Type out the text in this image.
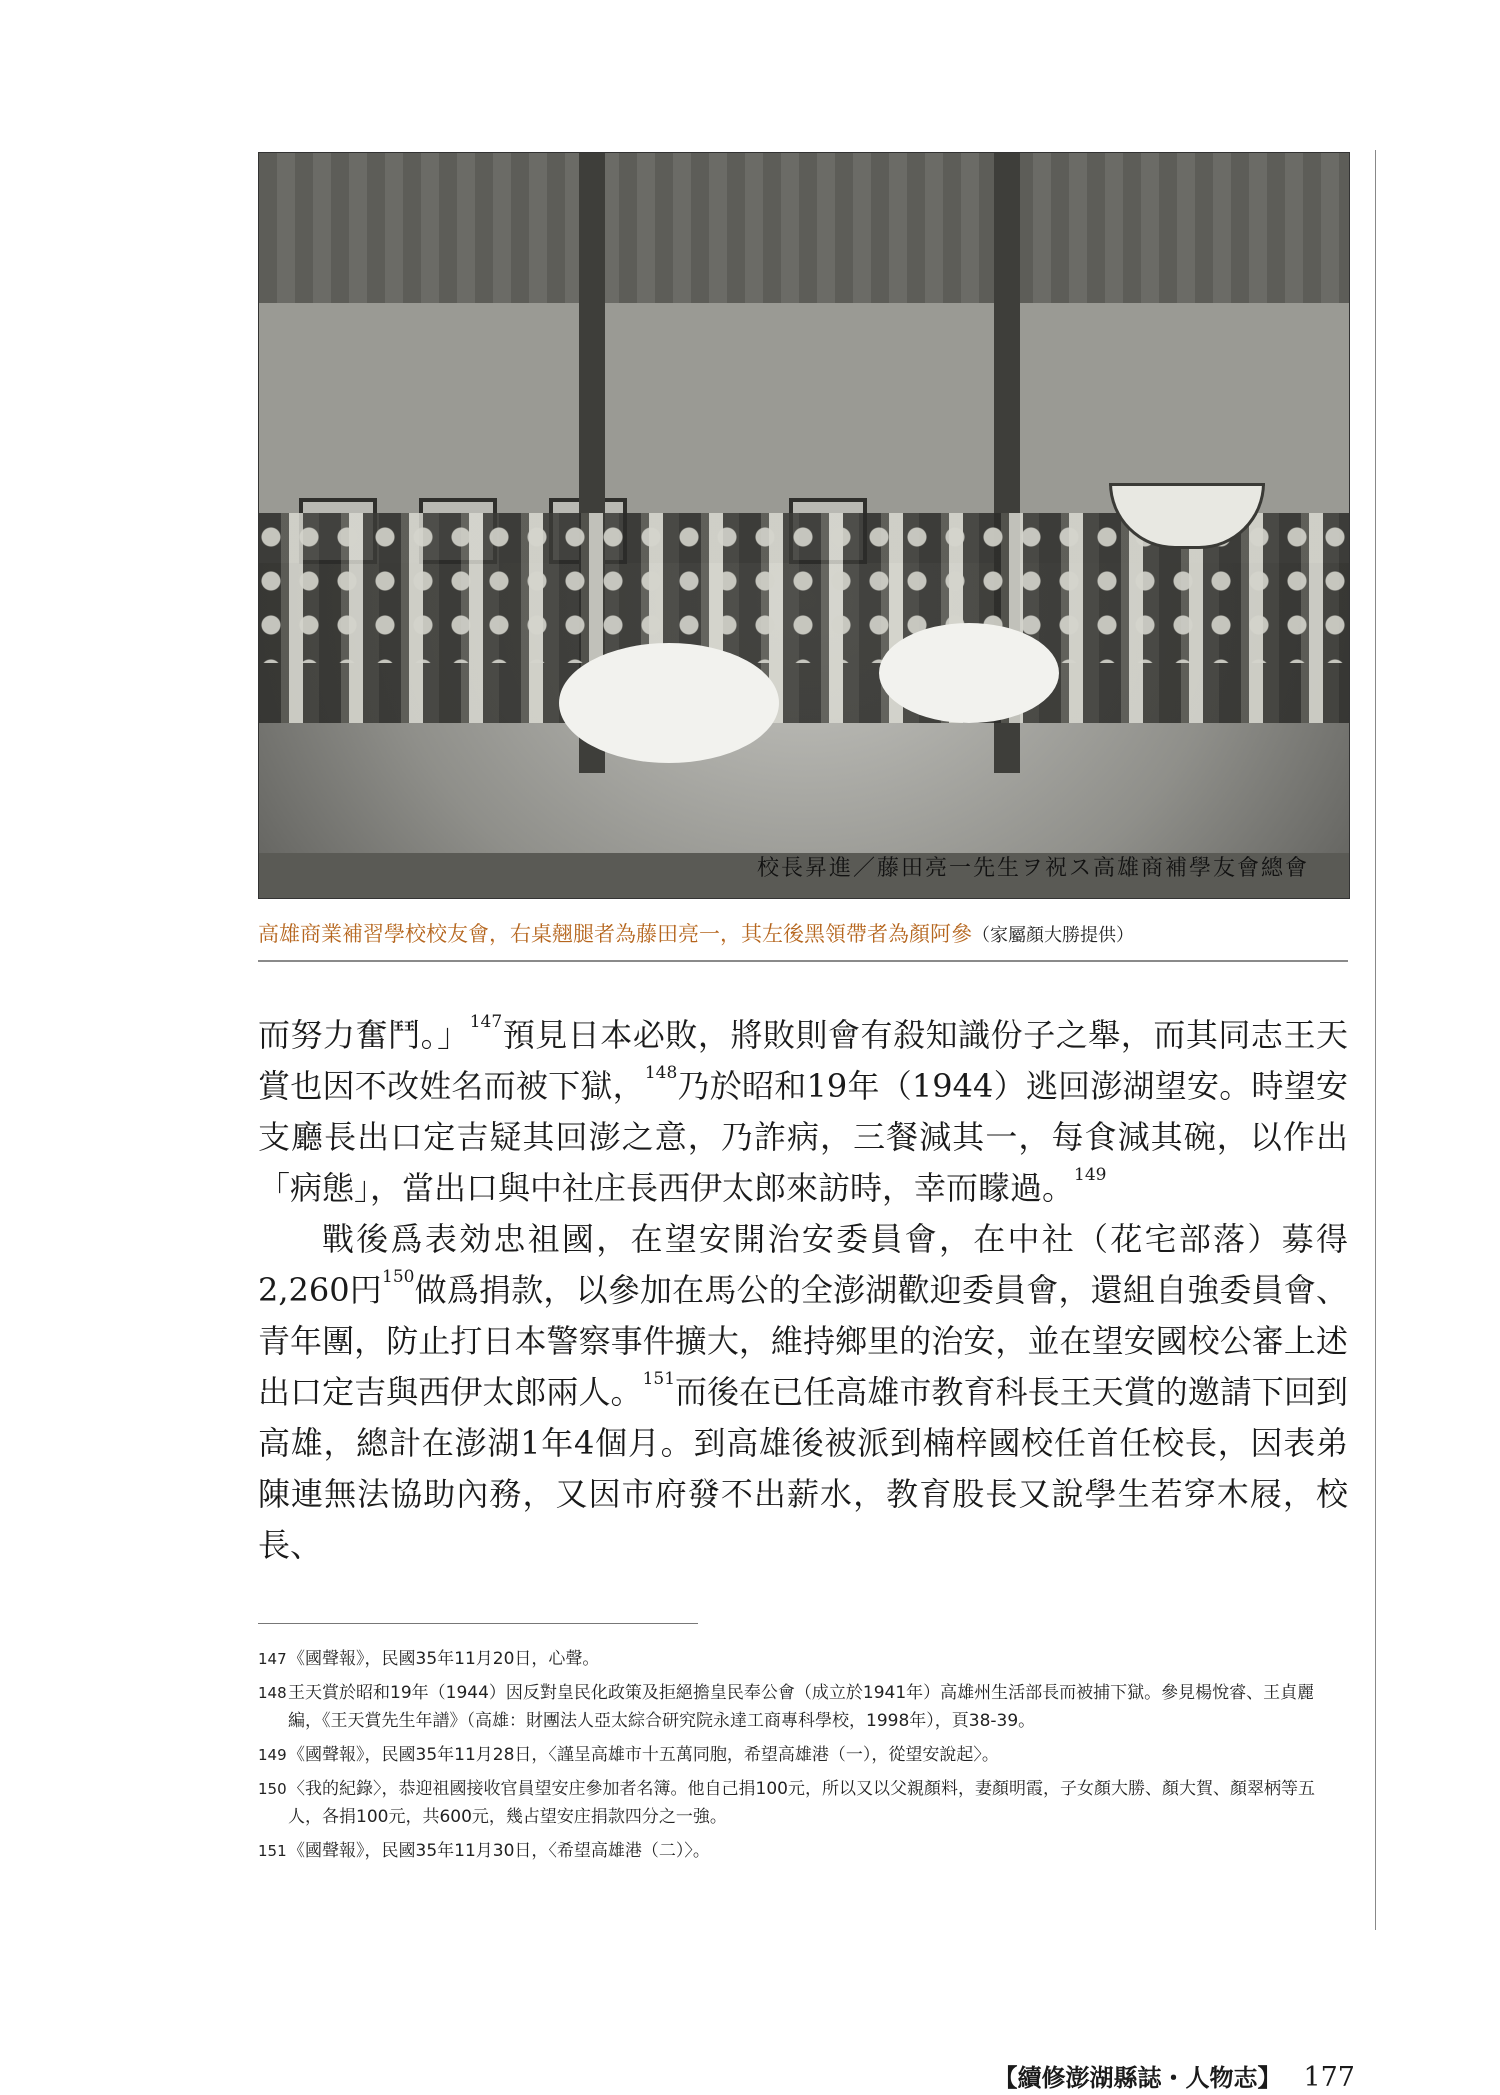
校長昇進／藤田亮一先生ヲ祝ス高雄商補學友會總會
高雄商業補習學校校友會，右桌翹腿者為藤田亮一，其左後黑領帶者為顏阿參（家屬顏大勝提供）

而努力奮鬥。」$^{147}$預見日本必敗，將敗則會有殺知識份子之舉，而其同志王天賞也因不改姓名而被下獄，$^{148}$乃於昭和19年（1944）逃回澎湖望安。時望安支廳長出口定吉疑其回澎之意，乃詐病，三餐減其一，每食減其碗，以作出「病態」，當出口與中社庄長西伊太郎來訪時，幸而矇過。$^{149}$

戰後爲表効忠祖國，在望安開治安委員會，在中社（花宅部落）募得2,260円$^{150}$做爲捐款，以參加在馬公的全澎湖歡迎委員會，還組自強委員會、青年團，防止打日本警察事件擴大，維持鄉里的治安，並在望安國校公審上述出口定吉與西伊太郎兩人。$^{151}$而後在已任高雄市教育科長王天賞的邀請下回到高雄，總計在澎湖1年4個月。到高雄後被派到楠梓國校任首任校長，因表弟陳連無法協助內務，又因市府發不出薪水，教育股長又說學生若穿木屐，校長、

147 《國聲報》，民國35年11月20日，心聲。
148 王天賞於昭和19年（1944）因反對皇民化政策及拒絕擔皇民奉公會（成立於1941年）高雄州生活部長而被捕下獄。參見楊悅睿、王貞麗編，《王天賞先生年譜》（高雄：財團法人亞太綜合研究院永達工商專科學校，1998年），頁38-39。
149 《國聲報》，民國35年11月28日，〈謹呈高雄市十五萬同胞，希望高雄港（一），從望安說起〉。
150 〈我的紀錄〉，恭迎祖國接收官員望安庄參加者名簿。他自己捐100元，所以又以父親顏料，妻顏明霞，子女顏大勝、顏大賀、顏翠柄等五人，各捐100元，共600元，幾占望安庄捐款四分之一強。
151 《國聲報》，民國35年11月30日，〈希望高雄港（二）〉。
【續修澎湖縣誌・人物志】 177
